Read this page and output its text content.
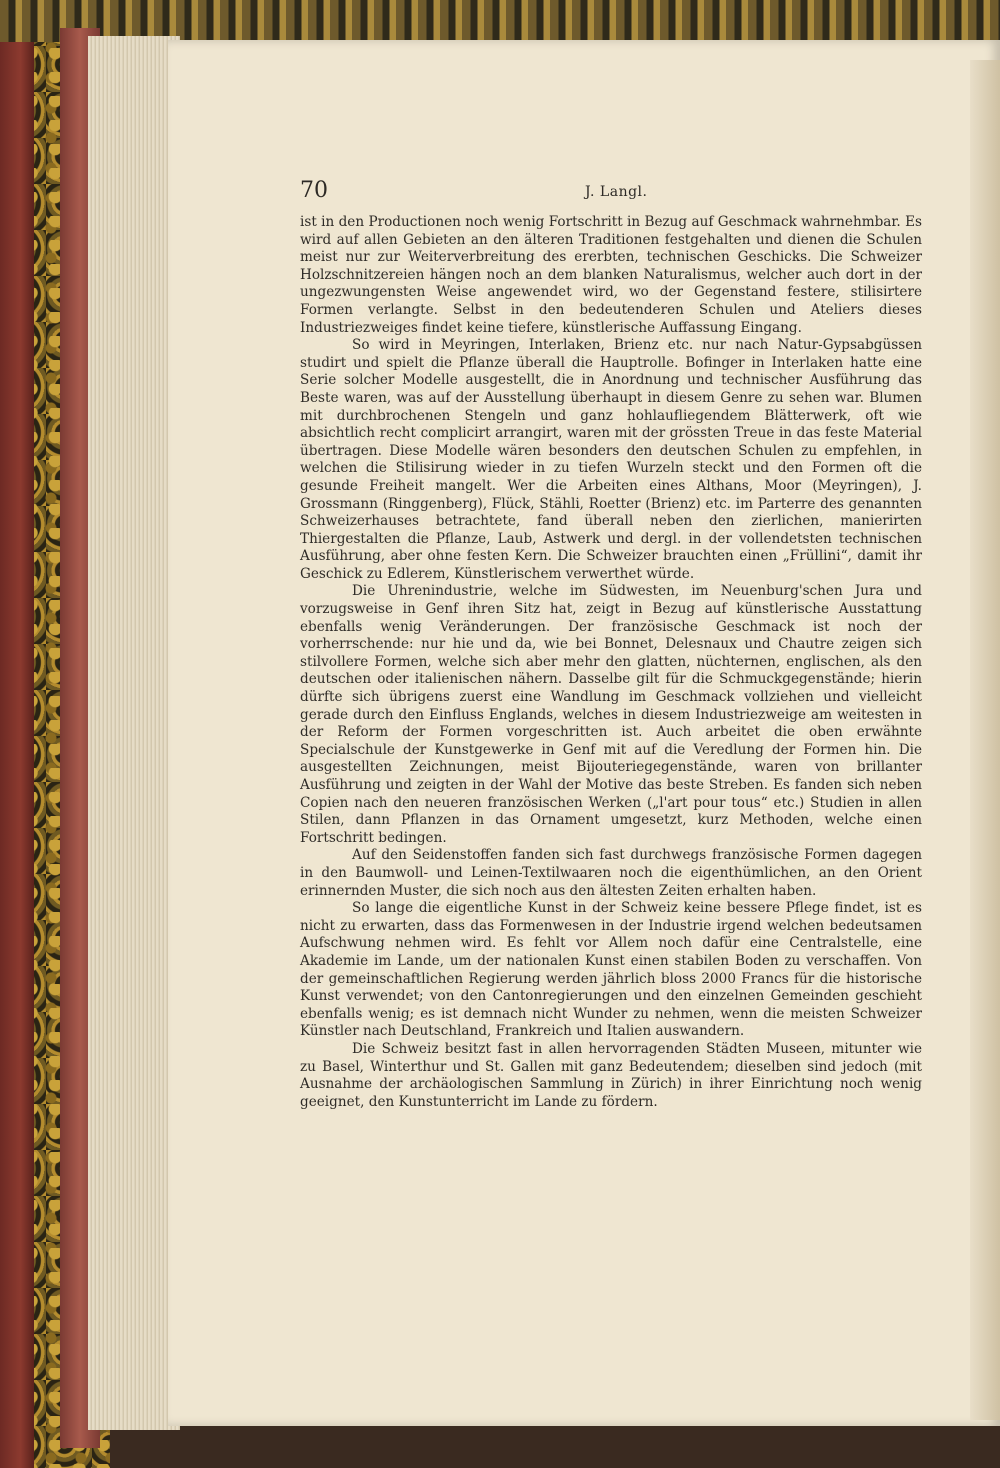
70	J. Langl.

ist in den Productionen noch wenig Fortschritt in Bezug auf Geschmack wahrnehmbar. Es wird auf allen Gebieten an den älteren Traditionen festgehalten und dienen die Schulen meist nur zur Weiterverbreitung des ererbten, technischen Geschicks. Die Schweizer Holzschnitzereien hängen noch an dem blanken Naturalismus, welcher auch dort in der ungezwungensten Weise angewendet wird, wo der Gegenstand festere, stilisirtere Formen verlangte. Selbst in den bedeutenderen Schulen und Ateliers dieses Industriezweiges findet keine tiefere, künstlerische Auffassung Eingang.

So wird in Meyringen, Interlaken, Brienz etc. nur nach Natur-Gypsabgüssen studirt und spielt die Pflanze überall die Hauptrolle. Bofinger in Interlaken hatte eine Serie solcher Modelle ausgestellt, die in Anordnung und technischer Ausführung das Beste waren, was auf der Ausstellung überhaupt in diesem Genre zu sehen war. Blumen mit durchbrochenen Stengeln und ganz hohlaufliegendem Blätterwerk, oft wie absichtlich recht complicirt arrangirt, waren mit der grössten Treue in das feste Material übertragen. Diese Modelle wären besonders den deutschen Schulen zu empfehlen, in welchen die Stilisirung wieder in zu tiefen Wurzeln steckt und den Formen oft die gesunde Freiheit mangelt. Wer die Arbeiten eines Althans, Moor (Meyringen), J. Grossmann (Ringgenberg), Flück, Stähli, Roetter (Brienz) etc. im Parterre des genannten Schweizerhauses betrachtete, fand überall neben den zierlichen, manierirten Thiergestalten die Pflanze, Laub, Astwerk und dergl. in der vollendetsten technischen Ausführung, aber ohne festen Kern. Die Schweizer brauchten einen „Früllini“, damit ihr Geschick zu Edlerem, Künstlerischem verwerthet würde.

Die Uhrenindustrie, welche im Südwesten, im Neuenburg'schen Jura und vorzugsweise in Genf ihren Sitz hat, zeigt in Bezug auf künstlerische Ausstattung ebenfalls wenig Veränderungen. Der französische Geschmack ist noch der vorherrschende: nur hie und da, wie bei Bonnet, Delesnaux und Chautre zeigen sich stilvollere Formen, welche sich aber mehr den glatten, nüchternen, englischen, als den deutschen oder italienischen nähern. Dasselbe gilt für die Schmuckgegenstände; hierin dürfte sich übrigens zuerst eine Wandlung im Geschmack vollziehen und vielleicht gerade durch den Einfluss Englands, welches in diesem Industriezweige am weitesten in der Reform der Formen vorgeschritten ist. Auch arbeitet die oben erwähnte Specialschule der Kunstgewerke in Genf mit auf die Veredlung der Formen hin. Die ausgestellten Zeichnungen, meist Bijouteriegegenstände, waren von brillanter Ausführung und zeigten in der Wahl der Motive das beste Streben. Es fanden sich neben Copien nach den neueren französischen Werken („l'art pour tous“ etc.) Studien in allen Stilen, dann Pflanzen in das Ornament umgesetzt, kurz Methoden, welche einen Fortschritt bedingen.

Auf den Seidenstoffen fanden sich fast durchwegs französische Formen dagegen in den Baumwoll- und Leinen-Textilwaaren noch die eigenthümlichen, an den Orient erinnernden Muster, die sich noch aus den ältesten Zeiten erhalten haben.

So lange die eigentliche Kunst in der Schweiz keine bessere Pflege findet, ist es nicht zu erwarten, dass das Formenwesen in der Industrie irgend welchen bedeutsamen Aufschwung nehmen wird. Es fehlt vor Allem noch dafür eine Centralstelle, eine Akademie im Lande, um der nationalen Kunst einen stabilen Boden zu verschaffen. Von der gemeinschaftlichen Regierung werden jährlich bloss 2000 Francs für die historische Kunst verwendet; von den Cantonregierungen und den einzelnen Gemeinden geschieht ebenfalls wenig; es ist demnach nicht Wunder zu nehmen, wenn die meisten Schweizer Künstler nach Deutschland, Frankreich und Italien auswandern.

Die Schweiz besitzt fast in allen hervorragenden Städten Museen, mitunter wie zu Basel, Winterthur und St. Gallen mit ganz Bedeutendem; dieselben sind jedoch (mit Ausnahme der archäologischen Sammlung in Zürich) in ihrer Einrichtung noch wenig geeignet, den Kunstunterricht im Lande zu fördern.
